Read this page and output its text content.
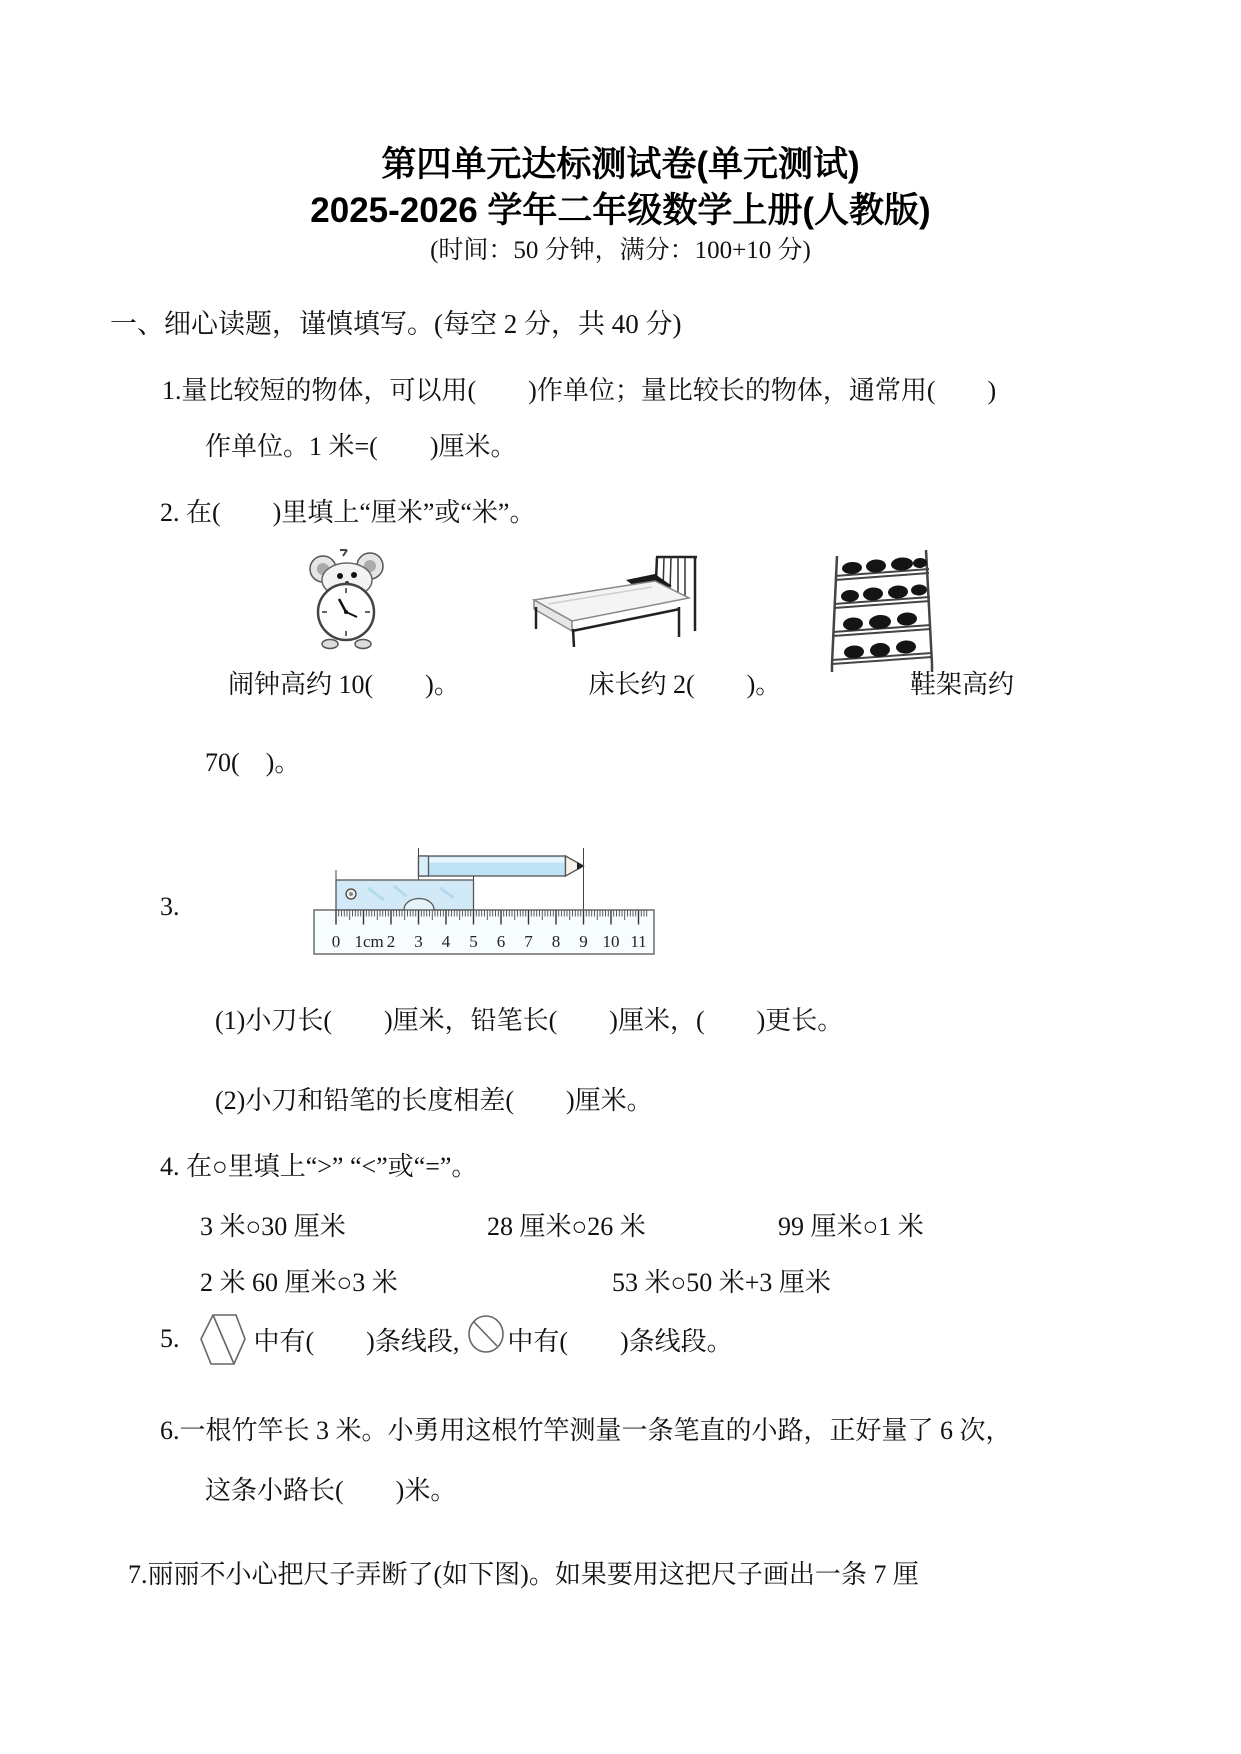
第四单元达标测试卷(单元测试)
2025-2026 学年二年级数学上册(人教版)
(时间：50 分钟，满分：100+10 分)
一、细心读题，谨慎填写。(每空 2 分，共 40 分)
1.量比较短的物体，可以用(　　)作单位；量比较长的物体，通常用(　　)
作单位。1 米=(　　)厘米。
2. 在(　　)里填上“厘米”或“米”。
闹钟高约 10(　　)。	床长约 2(　　)。	鞋架高约
70(　)。
3.
0 1cm 2 3 4 5 6 7 8 9 10 11
(1)小刀长(　　)厘米，铅笔长(　　)厘米，(　　)更长。
(2)小刀和铅笔的长度相差(　　)厘米。
4. 在○里填上“>” “<”或“=”。
3 米○30 厘米	28 厘米○26 米	99 厘米○1 米
2 米 60 厘米○3 米	53 米○50 米+3 厘米
5.	中有(　　)条线段, 中有(　　)条线段。
6.一根竹竿长 3 米。小勇用这根竹竿测量一条笔直的小路，正好量了 6 次，
这条小路长(　　)米。
7.丽丽不小心把尺子弄断了(如下图)。如果要用这把尺子画出一条 7 厘
